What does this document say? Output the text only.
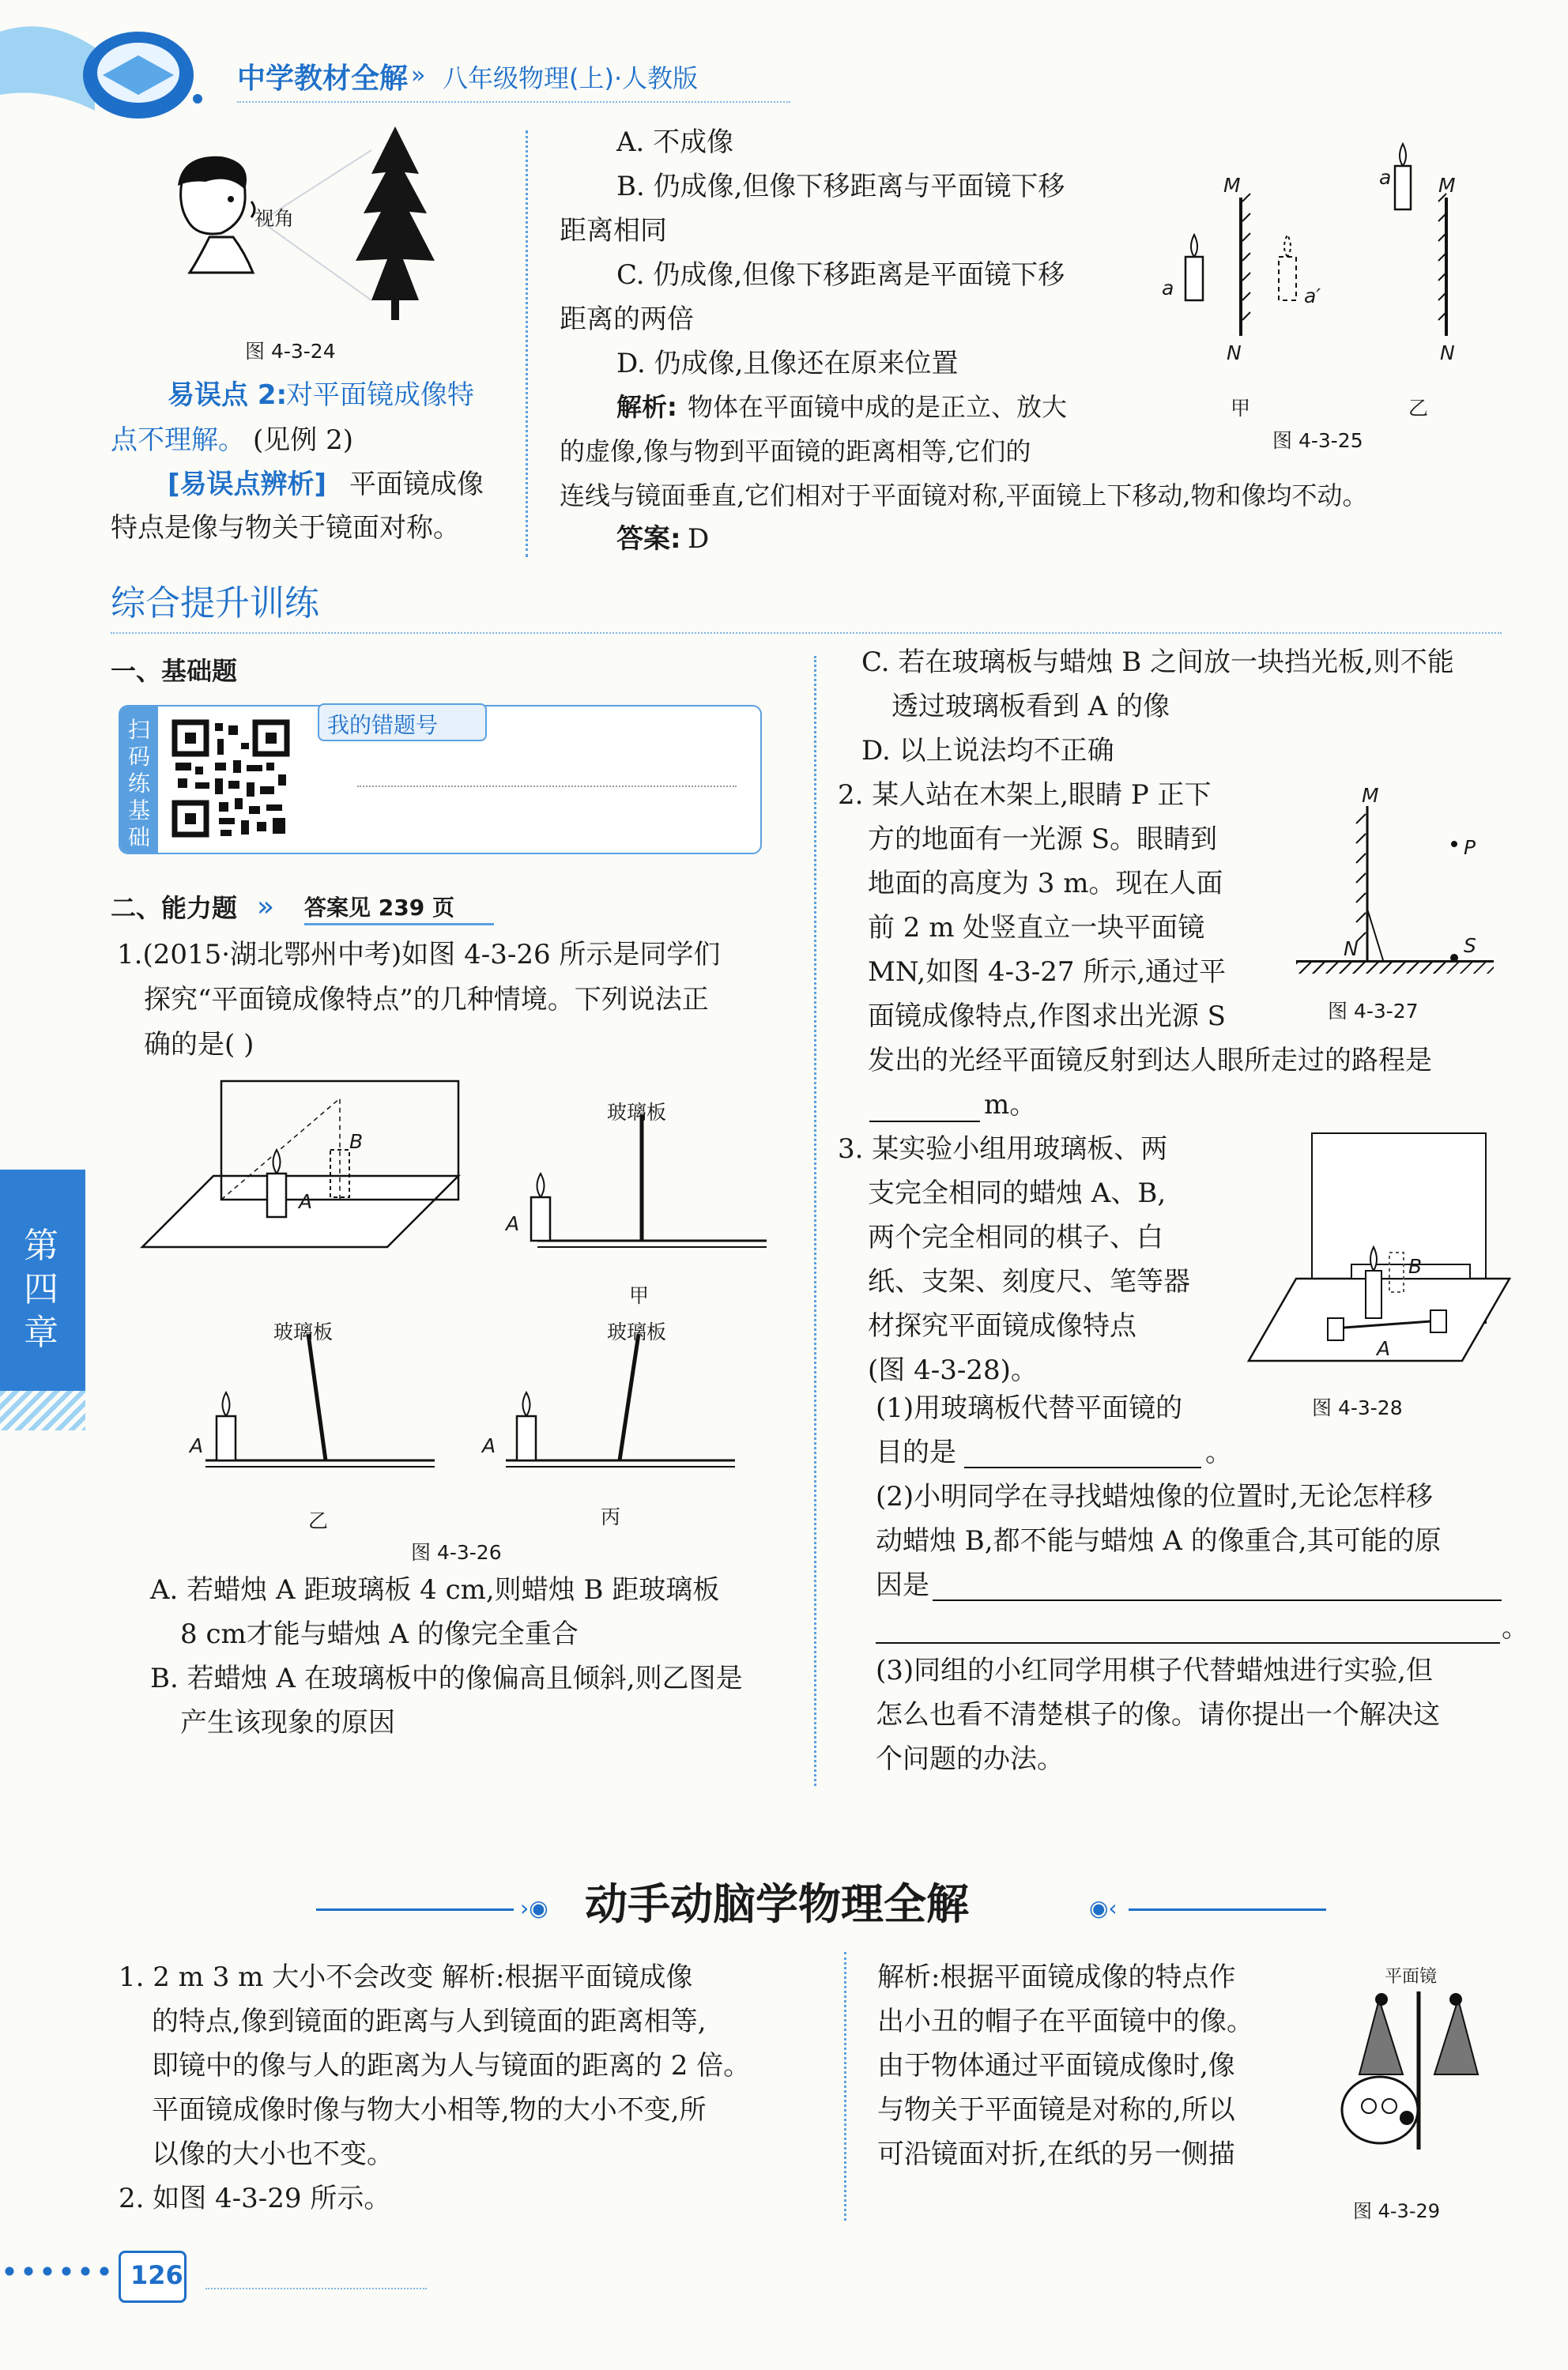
中学教材全解 » 八年级物理(上)·人教版
视角
图 4-3-24
易误点 2:
对平面镜成像特
点不理解。 (见例 2)
[易误点辨析] 平面镜成像
特点是像与物关于镜面对称。
A. 不成像
B. 仍成像,但像下移距离与平面镜下移
距离相同
C. 仍成像,但像下移距离是平面镜下移
距离的两倍
D. 仍成像,且像还在原来位置
解析: 物体在平面镜中成的是正立、放大
的虚像,像与物到平面镜的距离相等,它们的
连线与镜面垂直,它们相对于平面镜对称,平面镜上下移动,物和像均不动。
答案: D
M
N
a	a′
M
N
a
甲	乙
图 4-3-25
综合提升训练
一、基础题
扫
码
练
基
础
我的错题号
二、能力题 » 答案见 239 页
1.(2015·湖北鄂州中考)如图 4-3-26 所示是同学们
探究“平面镜成像特点”的几种情境。下列说法正
确的是( )
B
A
玻璃板
A
甲
玻璃板	玻璃板
A	A
乙	丙
图 4-3-26
A. 若蜡烛 A 距玻璃板 4 cm,则蜡烛 B 距玻璃板
8 cm才能与蜡烛 A 的像完全重合
B. 若蜡烛 A 在玻璃板中的像偏高且倾斜,则乙图是
产生该现象的原因
第
四
章
C. 若在玻璃板与蜡烛 B 之间放一块挡光板,则不能
透过玻璃板看到 A 的像
D. 以上说法均不正确
2. 某人站在木架上,眼睛 P 正下
方的地面有一光源 S。眼睛到
地面的高度为 3 m。现在人面
前 2 m 处竖直立一块平面镜
MN,如图 4-3-27 所示,通过平
面镜成像特点,作图求出光源 S
发出的光经平面镜反射到达人眼所走过的路程是
m。
M
P
N	S
图 4-3-27
3. 某实验小组用玻璃板、两
支完全相同的蜡烛 A、B,
两个完全相同的棋子、白
纸、支架、刻度尺、笔等器
材探究平面镜成像特点
(图 4-3-28)。
B
A
图 4-3-28
(1)用玻璃板代替平面镜的
目的是	。
(2)小明同学在寻找蜡烛像的位置时,无论怎样移
动蜡烛 B,都不能与蜡烛 A 的像重合,其可能的原
因是
。
(3)同组的小红同学用棋子代替蜡烛进行实验,但
怎么也看不清楚棋子的像。请你提出一个解决这
个问题的办法。
›◉ 动手动脑学物理全解	◉‹
1. 2 m 3 m 大小不会改变 解析:根据平面镜成像
的特点,像到镜面的距离与人到镜面的距离相等,
即镜中的像与人的距离为人与镜面的距离的 2 倍。
平面镜成像时像与物大小相等,物的大小不变,所
以像的大小也不变。
2. 如图 4-3-29 所示。
解析:根据平面镜成像的特点作
出小丑的帽子在平面镜中的像。
由于物体通过平面镜成像时,像
与物关于平面镜是对称的,所以
可沿镜面对折,在纸的另一侧描
平面镜
图 4-3-29
126
